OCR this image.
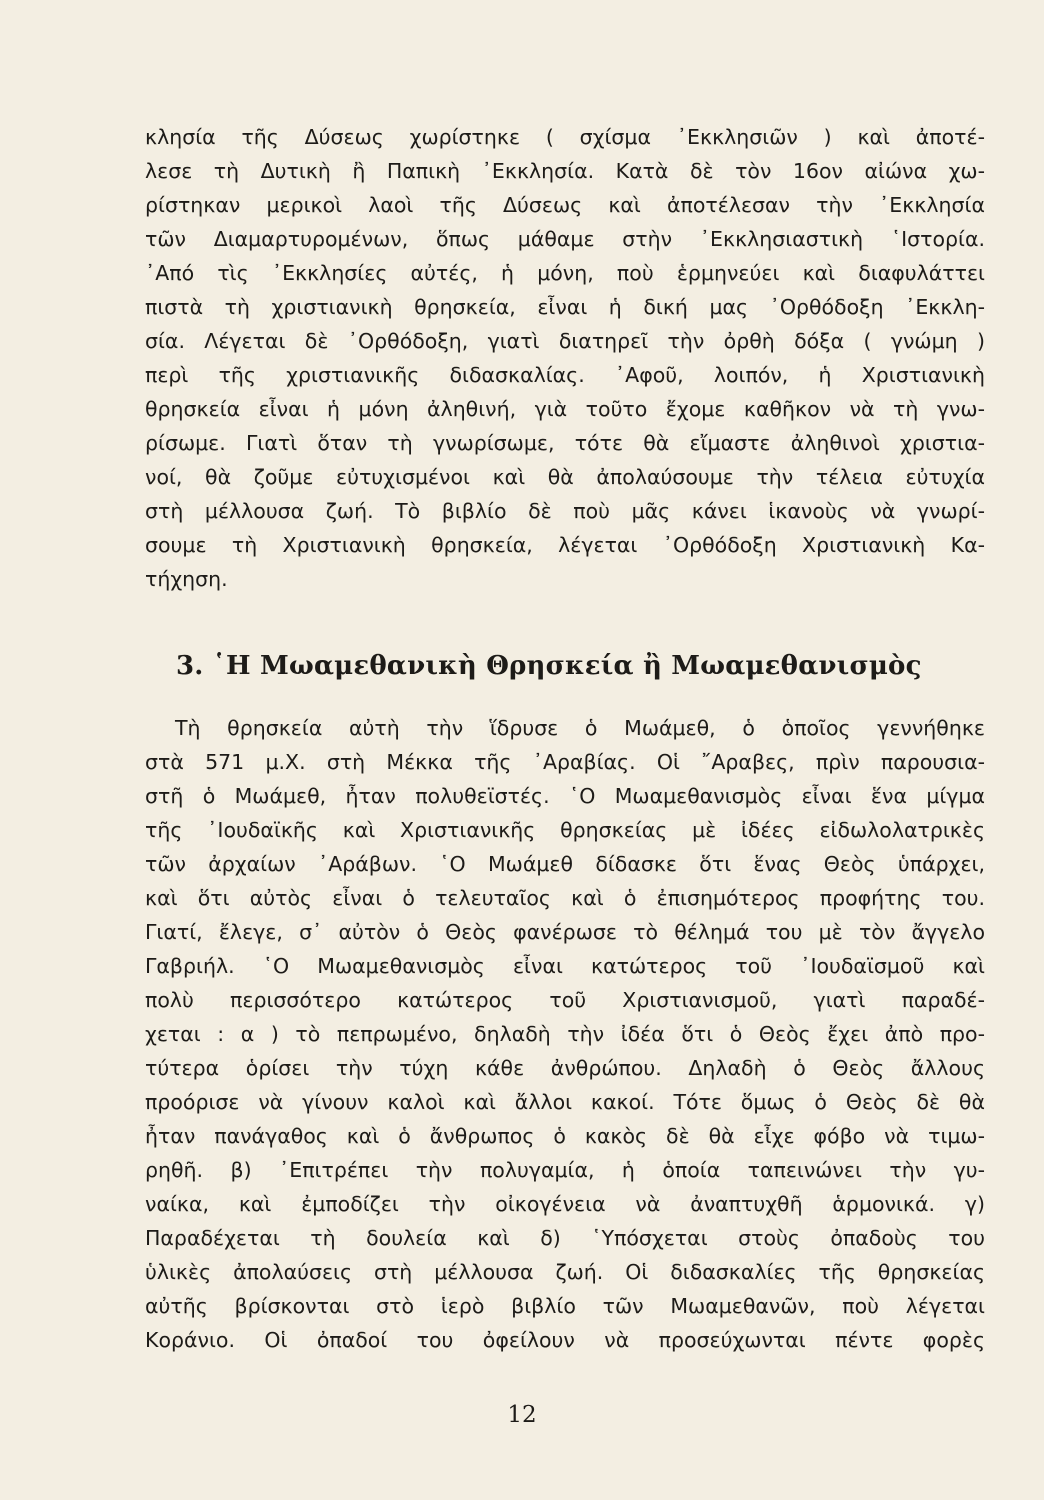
κλησία τῆς Δύσεως χωρίστηκε ( σχίσμα ᾿Εκκλησιῶν ) καὶ ἀποτέ-
λεσε τὴ Δυτικὴ ἢ Παπικὴ ᾿Εκκλησία. Κατὰ δὲ τὸν 16ον αἰώνα χω-
ρίστηκαν μερικοὶ λαοὶ τῆς Δύσεως καὶ ἀποτέλεσαν τὴν ᾿Εκκλησία
τῶν Διαμαρτυρομένων, ὅπως μάθαμε στὴν ᾿Εκκλησιαστικὴ ῾Ιστορία.
᾿Από τὶς ᾿Εκκλησίες αὐτές, ἡ μόνη, ποὺ ἑρμηνεύει καὶ διαφυλάττει
πιστὰ τὴ χριστιανικὴ θρησκεία, εἶναι ἡ δική μας ᾿Ορθόδοξη ᾿Εκκλη-
σία. Λέγεται δὲ ᾿Ορθόδοξη, γιατὶ διατηρεῖ τὴν ὀρθὴ δόξα ( γνώμη )
περὶ τῆς χριστιανικῆς διδασκαλίας. ᾿Αφοῦ, λοιπόν, ἡ Χριστιανικὴ
θρησκεία εἶναι ἡ μόνη ἀληθινή, γιὰ τοῦτο ἔχομε καθῆκον νὰ τὴ γνω-
ρίσωμε. Γιατὶ ὅταν τὴ γνωρίσωμε, τότε θὰ εἴμαστε ἀληθινοὶ χριστια-
νοί, θὰ ζοῦμε εὐτυχισμένοι καὶ θὰ ἀπολαύσουμε τὴν τέλεια εὐτυχία
στὴ μέλλουσα ζωή. Τὸ βιβλίο δὲ ποὺ μᾶς κάνει ἱκανοὺς νὰ γνωρί-
σουμε τὴ Χριστιανικὴ θρησκεία, λέγεται ᾿Ορθόδοξη Χριστιανικὴ Κα-
τήχηση.
3. ῾Η Μωαμεθανικὴ Θρησκεία ἢ Μωαμεθανισμὸς
Τὴ θρησκεία αὐτὴ τὴν ἵδρυσε ὁ Μωάμεθ, ὁ ὁποῖος γεννήθηκε
στὰ 571 μ.Χ. στὴ Μέκκα τῆς ᾿Αραβίας. Οἱ ῎Αραβες, πρὶν παρουσια-
στῆ ὁ Μωάμεθ, ἦταν πολυθεϊστές. ῾Ο Μωαμεθανισμὸς εἶναι ἕνα μίγμα
τῆς ᾿Ιουδαϊκῆς καὶ Χριστιανικῆς θρησκείας μὲ ἰδέες εἰδωλολατρικὲς
τῶν ἀρχαίων ᾿Αράβων. ῾Ο Μωάμεθ δίδασκε ὅτι ἕνας Θεὸς ὑπάρχει,
καὶ ὅτι αὐτὸς εἶναι ὁ τελευταῖος καὶ ὁ ἐπισημότερος προφήτης του.
Γιατί, ἔλεγε, σ᾿ αὐτὸν ὁ Θεὸς φανέρωσε τὸ θέλημά του μὲ τὸν ἄγγελο
Γαβριήλ. ῾Ο Μωαμεθανισμὸς εἶναι κατώτερος τοῦ ᾿Ιουδαϊσμοῦ καὶ
πολὺ περισσότερο κατώτερος τοῦ Χριστιανισμοῦ, γιατὶ παραδέ-
χεται : α ) τὸ πεπρωμένο, δηλαδὴ τὴν ἰδέα ὅτι ὁ Θεὸς ἔχει ἀπὸ προ-
τύτερα ὁρίσει τὴν τύχη κάθε ἀνθρώπου. Δηλαδὴ ὁ Θεὸς ἄλλους
προόρισε νὰ γίνουν καλοὶ καὶ ἄλλοι κακοί. Τότε ὅμως ὁ Θεὸς δὲ θὰ
ἦταν πανάγαθος καὶ ὁ ἄνθρωπος ὁ κακὸς δὲ θὰ εἶχε φόβο νὰ τιμω-
ρηθῆ. β) ᾿Επιτρέπει τὴν πολυγαμία, ἡ ὁποία ταπεινώνει τὴν γυ-
ναίκα, καὶ ἐμποδίζει τὴν οἰκογένεια νὰ ἀναπτυχθῆ ἁρμονικά. γ)
Παραδέχεται τὴ δουλεία καὶ δ) ῾Υπόσχεται στοὺς ὀπαδοὺς του
ὑλικὲς ἀπολαύσεις στὴ μέλλουσα ζωή. Οἱ διδασκαλίες τῆς θρησκείας
αὐτῆς βρίσκονται στὸ ἱερὸ βιβλίο τῶν Μωαμεθανῶν, ποὺ λέγεται
Κοράνιο. Οἱ ὀπαδοί του ὀφείλουν νὰ προσεύχωνται πέντε φορὲς
12
